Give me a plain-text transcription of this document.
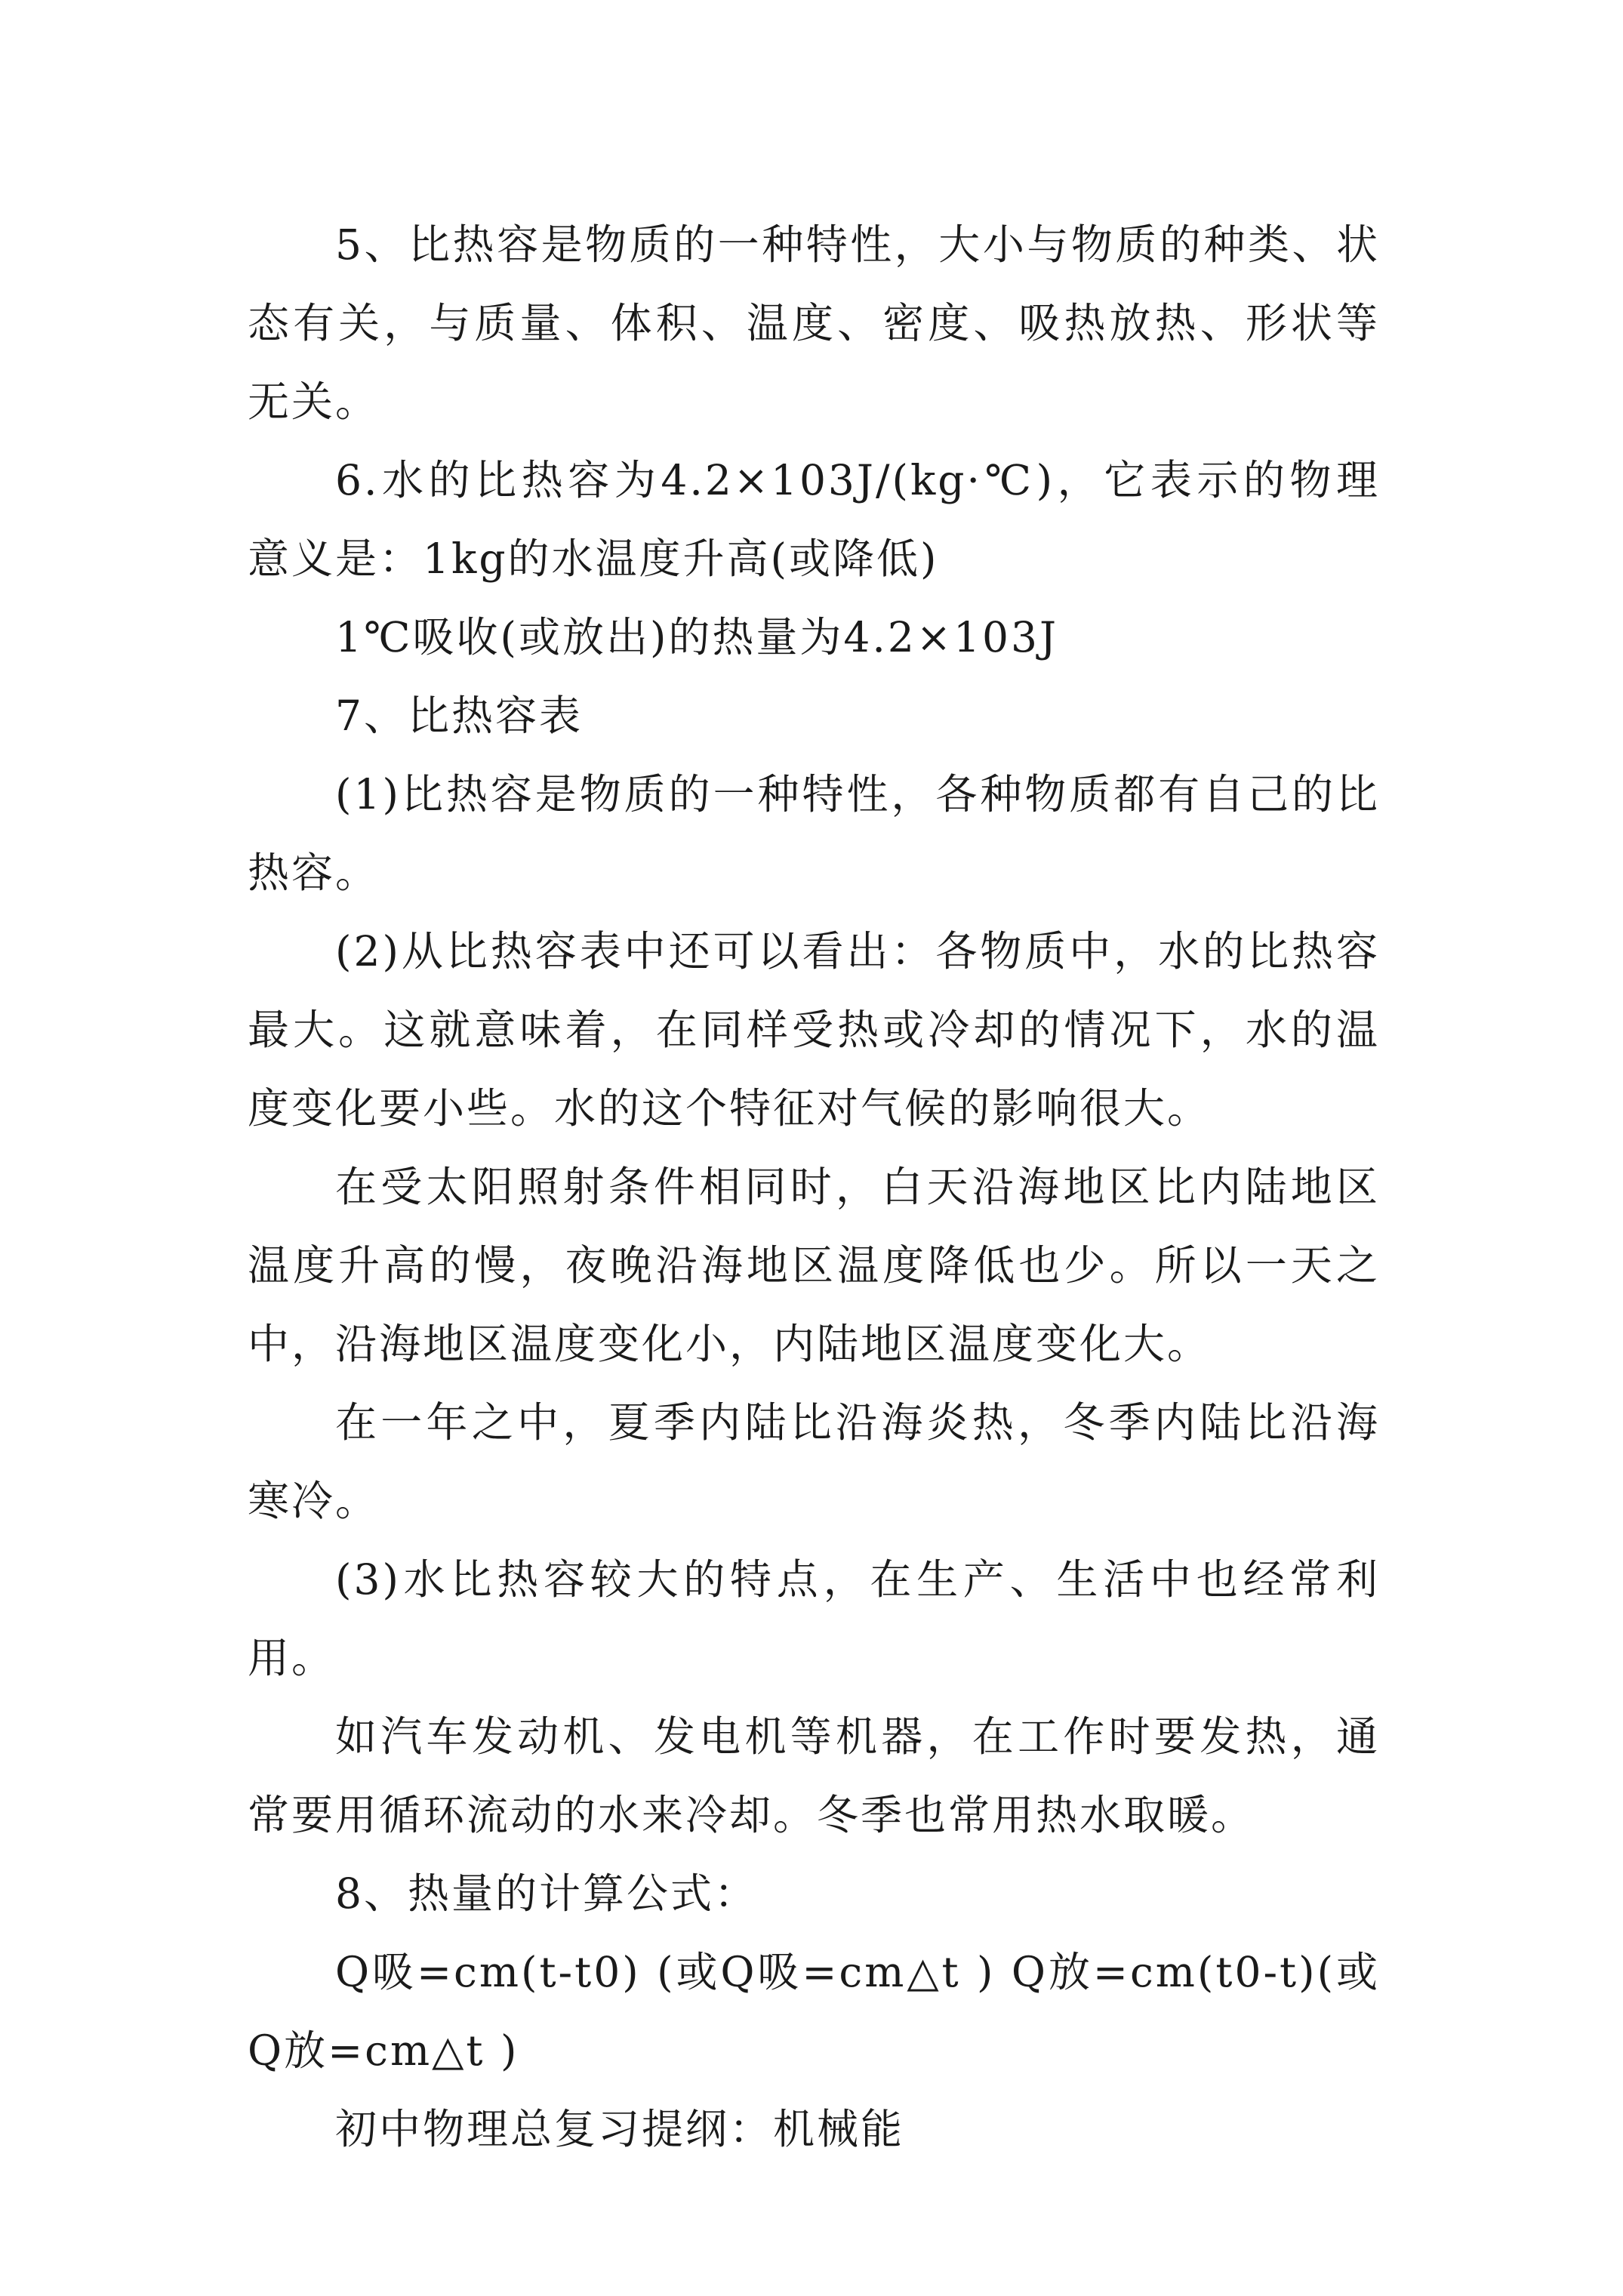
5、比热容是物质的一种特性，大小与物质的种类、状态有关，与质量、体积、温度、密度、吸热放热、形状等无关。

6.水的比热容为4.2×103J/(kg·℃)，它表示的物理意义是：1kg的水温度升高(或降低)

1℃吸收(或放出)的热量为4.2×103J

7、比热容表

(1)比热容是物质的一种特性，各种物质都有自己的比热容。

(2)从比热容表中还可以看出：各物质中，水的比热容最大。这就意味着，在同样受热或冷却的情况下，水的温度变化要小些。水的这个特征对气候的影响很大。

在受太阳照射条件相同时，白天沿海地区比内陆地区温度升高的慢，夜晚沿海地区温度降低也少。所以一天之中，沿海地区温度变化小，内陆地区温度变化大。

在一年之中，夏季内陆比沿海炎热，冬季内陆比沿海寒冷。

(3)水比热容较大的特点，在生产、生活中也经常利用。

如汽车发动机、发电机等机器，在工作时要发热，通常要用循环流动的水来冷却。冬季也常用热水取暖。

8、热量的计算公式：

Q吸=cm(t-t0) (或Q吸=cm△t ) Q放=cm(t0-t)(或Q放=cm△t )

初中物理总复习提纲：机械能
